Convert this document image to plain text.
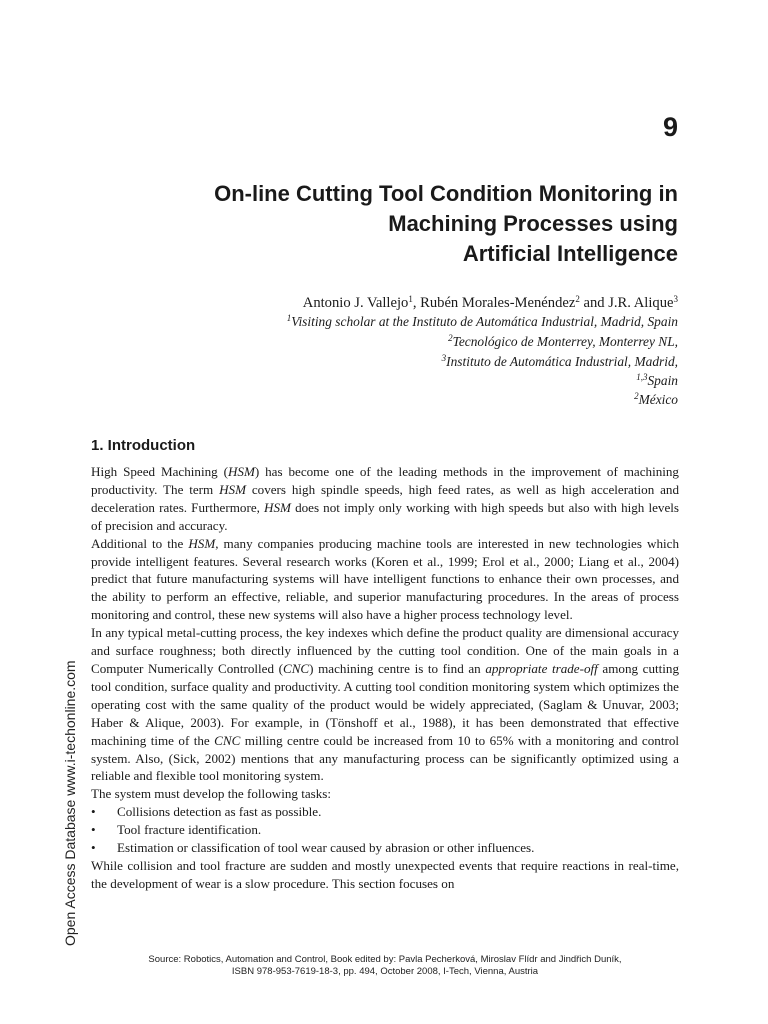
9
On-line Cutting Tool Condition Monitoring in
Machining Processes using
Artificial Intelligence
Antonio J. Vallejo$^1$, Rubén Morales-Menéndez$^2$ and J.R. Alique$^3$
$^1$Visiting scholar at the Instituto de Automática Industrial, Madrid, Spain
$^2$Tecnológico de Monterrey, Monterrey NL,
$^3$Instituto de Automática Industrial, Madrid,
$^{1,3}$Spain
$^2$México
1. Introduction

High Speed Machining (HSM) has become one of the leading methods in the improvement of machining productivity. The term HSM covers high spindle speeds, high feed rates, as well as high acceleration and deceleration rates. Furthermore, HSM does not imply only working with high speeds but also with high levels of precision and accuracy.

Additional to the HSM, many companies producing machine tools are interested in new technologies which provide intelligent features. Several research works (Koren et al., 1999; Erol et al., 2000; Liang et al., 2004) predict that future manufacturing systems will have intelligent functions to enhance their own processes, and the ability to perform an effective, reliable, and superior manufacturing procedures. In the areas of process monitoring and control, these new systems will also have a higher process technology level.

In any typical metal-cutting process, the key indexes which define the product quality are dimensional accuracy and surface roughness; both directly influenced by the cutting tool condition. One of the main goals in a Computer Numerically Controlled (CNC) machining centre is to find an appropriate trade-off among cutting tool condition, surface quality and productivity. A cutting tool condition monitoring system which optimizes the operating cost with the same quality of the product would be widely appreciated, (Saglam & Unuvar, 2003; Haber & Alique, 2003). For example, in (Tönshoff et al., 1988), it has been demonstrated that effective machining time of the CNC milling centre could be increased from 10 to 65% with a monitoring and control system. Also, (Sick, 2002) mentions that any manufacturing process can be significantly optimized using a reliable and flexible tool monitoring system.

The system must develop the following tasks:

• Collisions detection as fast as possible.
• Tool fracture identification.
• Estimation or classification of tool wear caused by abrasion or other influences.

While collision and tool fracture are sudden and mostly unexpected events that require reactions in real-time, the development of wear is a slow procedure. This section focuses on

Open Access Database www.i-techonline.com
Source: Robotics, Automation and Control, Book edited by: Pavla Pecherková, Miroslav Flídr and Jindřich Duník,
ISBN 978-953-7619-18-3, pp. 494, October 2008, I-Tech, Vienna, Austria
